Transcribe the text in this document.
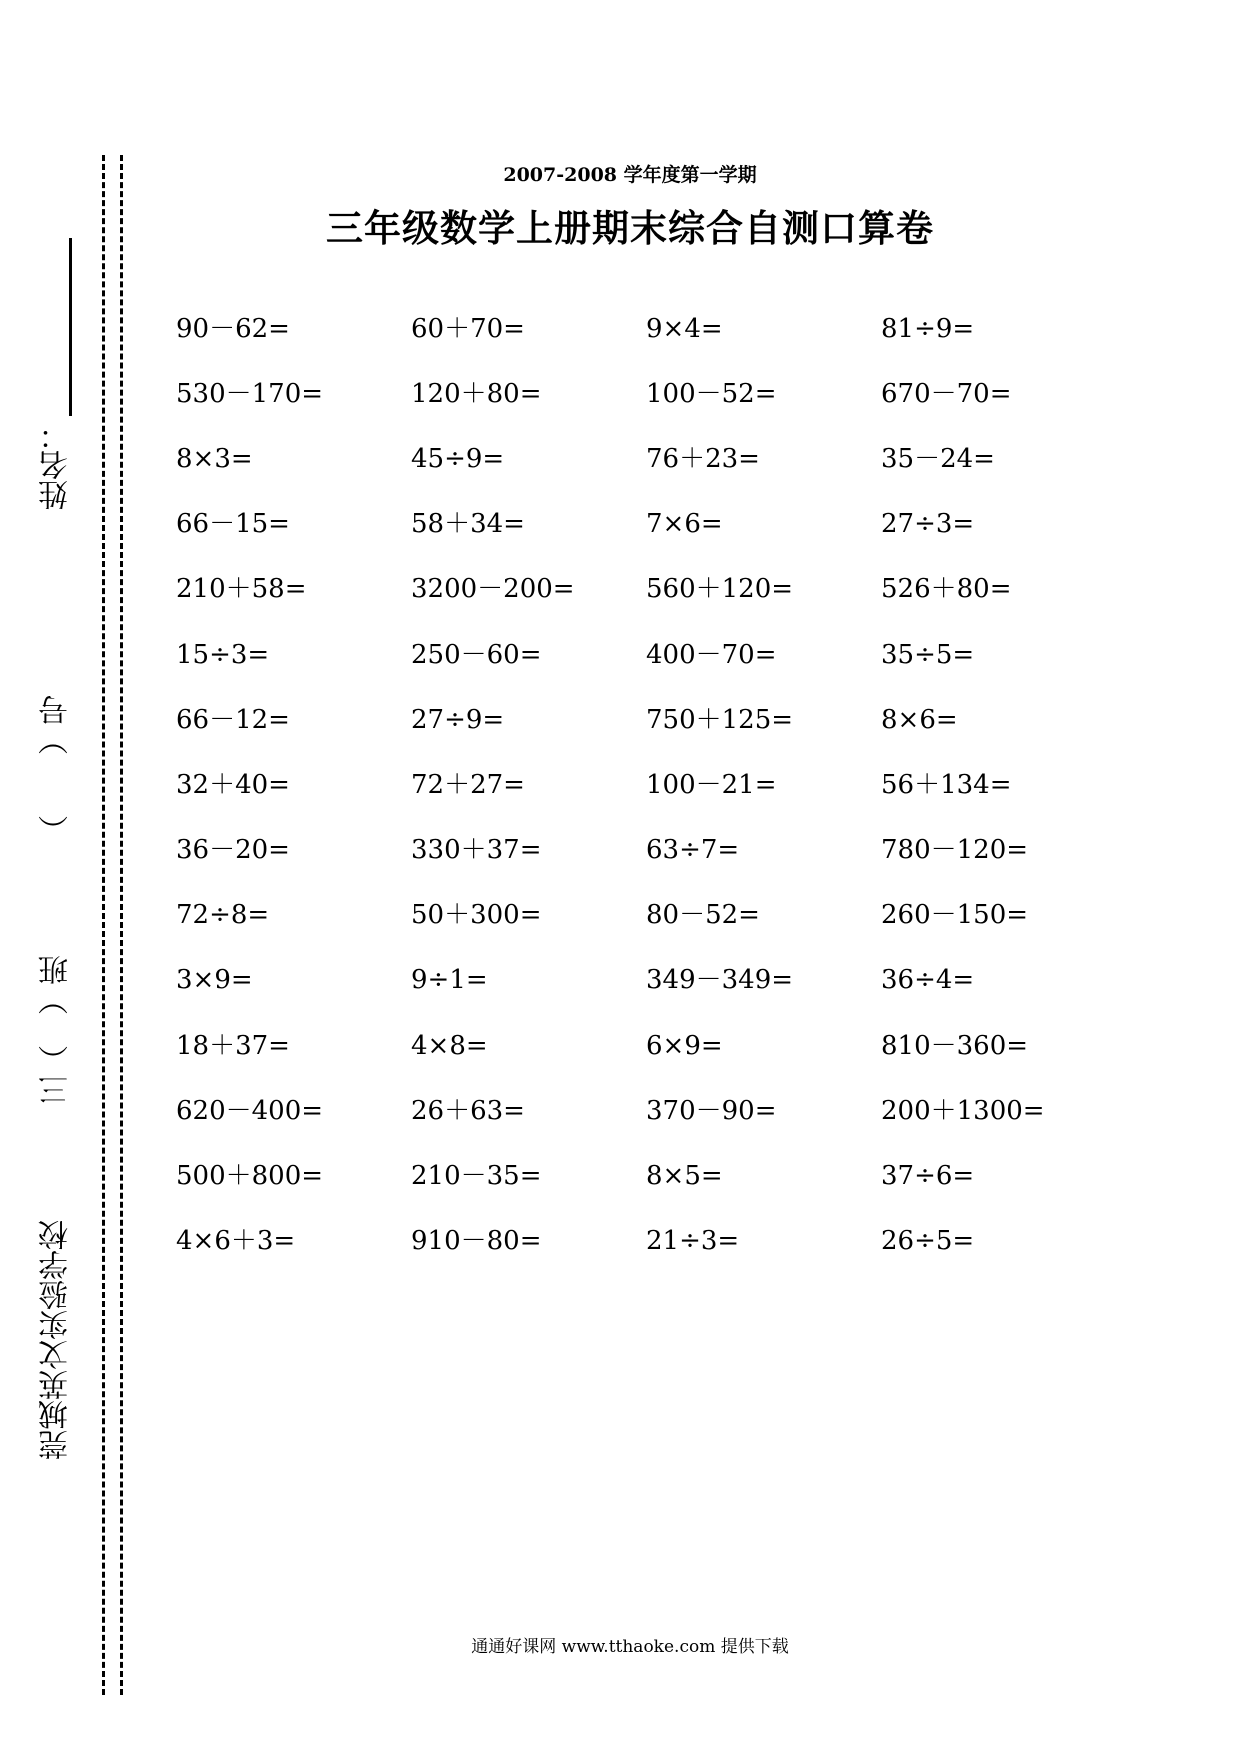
姓名：
（　　）号
三（　）班
莞城英文实验学校
2007-2008 学年度第一学期
三年级数学上册期末综合自测口算卷
90－62=	60＋70=	9×4=	81÷9=
530－170=	120＋80=	100－52=	670－70=
8×3=	45÷9=	76＋23=	35－24=
66－15=	58＋34=	7×6=	27÷3=
210＋58=	3200－200=	560＋120=	526＋80=
15÷3=	250－60=	400－70=	35÷5=
66－12=	27÷9=	750＋125=	8×6=
32＋40=	72＋27=	100－21=	56＋134=
36－20=	330＋37=	63÷7=	780－120=
72÷8=	50＋300=	80－52=	260－150=
3×9=	9÷1=	349－349=	36÷4=
18＋37=	4×8=	6×9=	810－360=
620－400=	26＋63=	370－90=	200＋1300=
500＋800=	210－35=	8×5=	37÷6=
4×6＋3=	910－80=	21÷3=	26÷5=
通通好课网 www.tthaoke.com 提供下载
